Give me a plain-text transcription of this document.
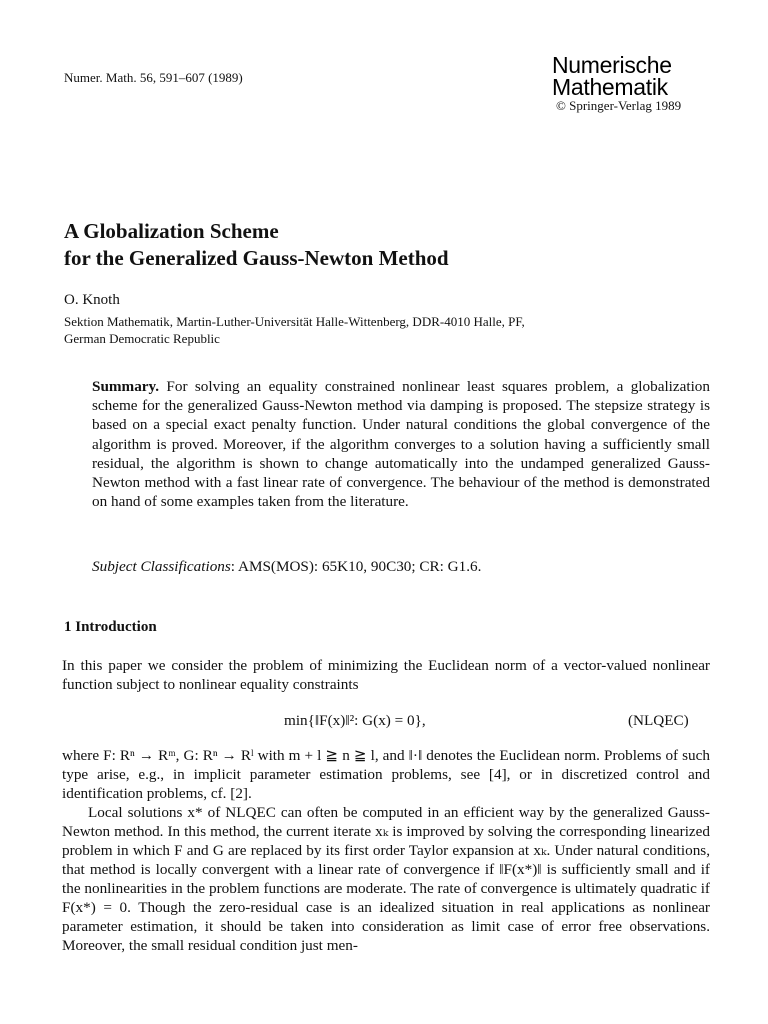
Numer. Math. 56, 591–607 (1989)	Numerische
Mathematik
© Springer-Verlag 1989
A Globalization Scheme
for the Generalized Gauss-Newton Method
O. Knoth
Sektion Mathematik, Martin-Luther-Universität Halle-Wittenberg, DDR-4010 Halle, PF,
German Democratic Republic
Summary. For solving an equality constrained nonlinear least squares problem, a globalization scheme for the generalized Gauss-Newton method via damping is proposed. The stepsize strategy is based on a special exact penalty function. Under natural conditions the global convergence of the algorithm is proved. Moreover, if the algorithm converges to a solution having a sufficiently small residual, the algorithm is shown to change automatically into the undamped generalized Gauss-Newton method with a fast linear rate of convergence. The behaviour of the method is demonstrated on hand of some examples taken from the literature.
Subject Classifications: AMS(MOS): 65K10, 90C30; CR: G1.6.
1 Introduction
In this paper we consider the problem of minimizing the Euclidean norm of a vector-valued nonlinear function subject to nonlinear equality constraints
min{‖F(x)‖²: G(x) = 0},	(NLQEC)
where F: Rⁿ → Rᵐ, G: Rⁿ → Rˡ with m + l ≧ n ≧ l, and ‖·‖ denotes the Euclidean norm. Problems of such type arise, e.g., in implicit parameter estimation problems, see [4], or in discretized control and identification problems, cf. [2].
Local solutions x* of NLQEC can often be computed in an efficient way by the generalized Gauss-Newton method. In this method, the current iterate xₖ is improved by solving the corresponding linearized problem in which F and G are replaced by its first order Taylor expansion at xₖ. Under natural conditions, that method is locally convergent with a linear rate of convergence if ‖F(x*)‖ is sufficiently small and if the nonlinearities in the problem functions are moderate. The rate of convergence is ultimately quadratic if F(x*) = 0. Though the zero-residual case is an idealized situation in real applications as nonlinear parameter estimation, it should be taken into consideration as limit case of error free observations. Moreover, the small residual condition just men-
